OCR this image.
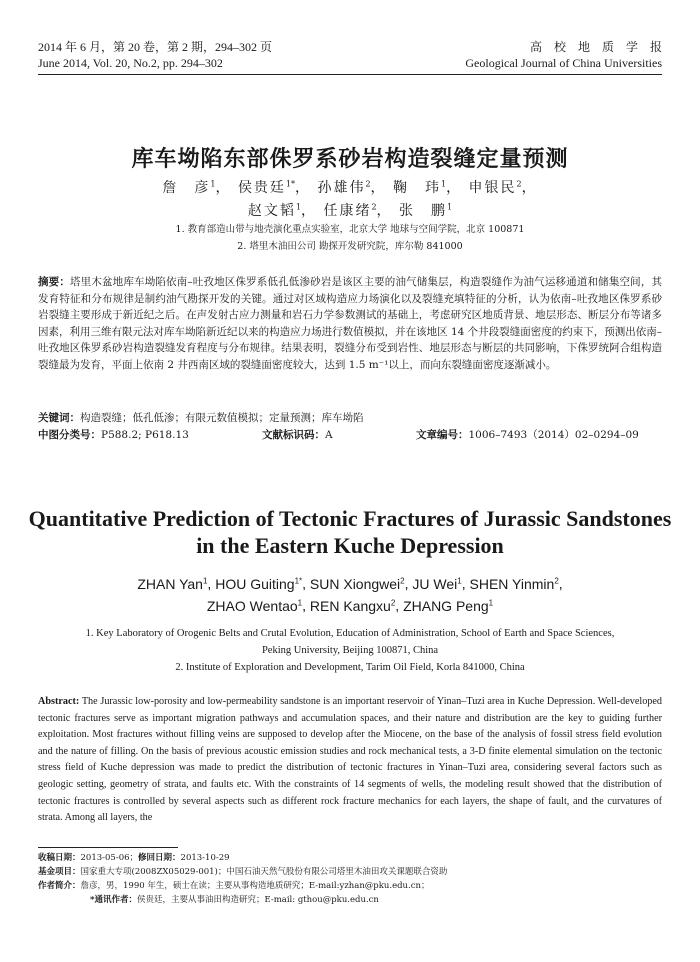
2014 年 6 月，第 20 卷，第 2 期，294–302 页
June 2014, Vol. 20, No.2, pp. 294–302
高　校　地　质　学　报
Geological Journal of China Universities
库车坳陷东部侏罗系砂岩构造裂缝定量预测
詹　彦$^1$， 侯贵廷$^{1*}$， 孙雄伟$^2$， 鞠　玮$^1$， 申银民$^2$，
赵文韬$^1$， 任康绪$^2$， 张　鹏$^1$
1. 教育部造山带与地壳演化重点实验室，北京大学 地球与空间学院，北京 100871
2. 塔里木油田公司 勘探开发研究院，库尔勒 841000
摘要：塔里木盆地库车坳陷依南–吐孜地区侏罗系低孔低渗砂岩是该区主要的油气储集层，构造裂缝作为油气运移通道和储集空间，其发育特征和分布规律是制约油气勘探开发的关键。通过对区域构造应力场演化以及裂缝充填特征的分析，认为依南–吐孜地区侏罗系砂岩裂缝主要形成于新近纪之后。在声发射古应力测量和岩石力学参数测试的基础上，考虑研究区地质背景、地层形态、断层分布等诸多因素，利用三维有限元法对库车坳陷新近纪以来的构造应力场进行数值模拟，并在该地区 14 个井段裂缝面密度的约束下，预测出依南–吐孜地区侏罗系砂岩构造裂缝发育程度与分布规律。结果表明，裂缝分布受到岩性、地层形态与断层的共同影响，下侏罗统阿合组构造裂缝最为发育，平面上依南 2 井西南区域的裂缝面密度较大，达到 1.5 m⁻¹以上，而向东裂缝面密度逐渐减小。
关键词：构造裂缝；低孔低渗；有限元数值模拟；定量预测；库车坳陷
中图分类号：P588.2; P618.13	文献标识码：A	文章编号：1006–7493（2014）02–0294–09
Quantitative Prediction of Tectonic Fractures of Jurassic Sandstones
in the Eastern Kuche Depression
ZHAN Yan$^1$, HOU Guiting$^{1*}$, SUN Xiongwei$^2$, JU Wei$^1$, SHEN Yinmin$^2$,
ZHAO Wentao$^1$, REN Kangxu$^2$, ZHANG Peng$^1$
1. Key Laboratory of Orogenic Belts and Crutal Evolution, Education of Administration, School of Earth and Space Sciences,
Peking University, Beijing 100871, China
2. Institute of Exploration and Development, Tarim Oil Field, Korla 841000, China
Abstract: The Jurassic low-porosity and low-permeability sandstone is an important reservoir of Yinan–Tuzi area in Kuche Depression. Well-developed tectonic fractures serve as important migration pathways and accumulation spaces, and their nature and distribution are the key to guiding further exploitation. Most fractures without filling veins are supposed to develop after the Miocene, on the base of the analysis of fossil stress field evolution and the nature of filling. On the basis of previous acoustic emission studies and rock mechanical tests, a 3-D finite elemental simulation on the tectonic stress field of Kuche depression was made to predict the distribution of tectonic fractures in Yinan–Tuzi area, considering several factors such as geologic setting, geometry of strata, and faults etc. With the constraints of 14 segments of wells, the modeling result showed that the distribution of tectonic fractures is controlled by several aspects such as different rock fracture mechanics for each layers, the shape of fault, and the curvatures of strata. Among all layers, the
收稿日期：2013-05-06；修回日期：2013-10-29
基金项目：国家重大专项(2008ZX05029-001)；中国石油天然气股份有限公司塔里木油田攻关课题联合资助
作者简介：詹彦，男，1990 年生，硕士在读；主要从事构造地质研究；E-mail:yzhan@pku.edu.cn；
*通讯作者：侯贵廷，主要从事油田构造研究；E-mail: gthou@pku.edu.cn
